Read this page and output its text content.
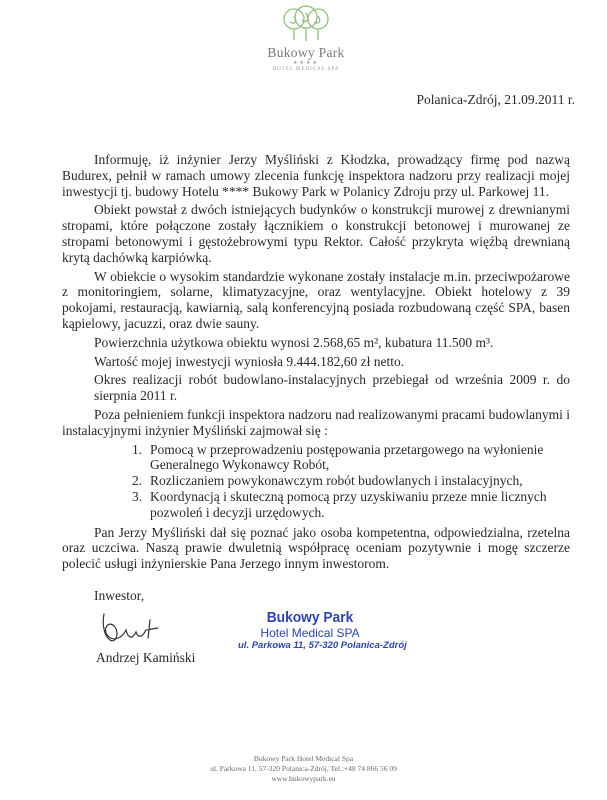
Bukowy Park
★★★★
HOTEL MEDICAL SPA
Polanica-Zdrój, 21.09.2011 r.

Informuję, iż inżynier Jerzy Myśliński z Kłodzka, prowadzący firmę pod nazwą Budurex, pełnił w ramach umowy zlecenia funkcję inspektora nadzoru przy realizacji mojej inwestycji tj. budowy Hotelu **** Bukowy Park w Polanicy Zdroju przy ul. Parkowej 11.

Obiekt powstał z dwóch istniejących budynków o konstrukcji murowej z drewnianymi stropami, które połączone zostały łącznikiem o konstrukcji betonowej i murowanej ze stropami betonowymi i gęstożebrowymi typu Rektor. Całość przykryta więźbą drewnianą krytą dachówką karpiówką.

W obiekcie o wysokim standardzie wykonane zostały instalacje m.in. przeciwpożarowe z monitoringiem, solarne, klimatyzacyjne, oraz wentylacyjne. Obiekt hotelowy z 39 pokojami, restauracją, kawiarnią, salą konferencyjną posiada rozbudowaną część SPA, basen kąpielowy, jacuzzi, oraz dwie sauny.

Powierzchnia użytkowa obiektu wynosi 2.568,65 m², kubatura 11.500 m³.

Wartość mojej inwestycji wyniosła 9.444.182,60 zł netto.

Okres realizacji robót budowlano-instalacyjnych przebiegał od września 2009 r. do sierpnia 2011 r.

Poza pełnieniem funkcji inspektora nadzoru nad realizowanymi pracami budowlanymi i instalacyjnymi inżynier Myśliński zajmował się :

1. Pomocą w przeprowadzeniu postępowania przetargowego na wyłonienie Generalnego Wykonawcy Robót,
2. Rozliczaniem powykonawczym robót budowlanych i instalacyjnych,
3. Koordynacją i skuteczną pomocą przy uzyskiwaniu przeze mnie licznych pozwoleń i decyzji urzędowych.

Pan Jerzy Myśliński dał się poznać jako osoba kompetentna, odpowiedzialna, rzetelna oraz uczciwa. Naszą prawie dwuletnią współpracę oceniam pozytywnie i mogę szczerze polecić usługi inżynierskie Pana Jerzego innym inwestorom.

Inwestor,
Andrzej Kamiński
Bukowy Park
Hotel Medical SPA
ul. Parkowa 11, 57-320 Polanica-Zdrój
Bukowy Park Hotel Medical Spa
ul. Parkowa 11, 57-320 Polanica-Zdrój, Tel.:+48 74 866 56 09
www.bukowypark.eu
